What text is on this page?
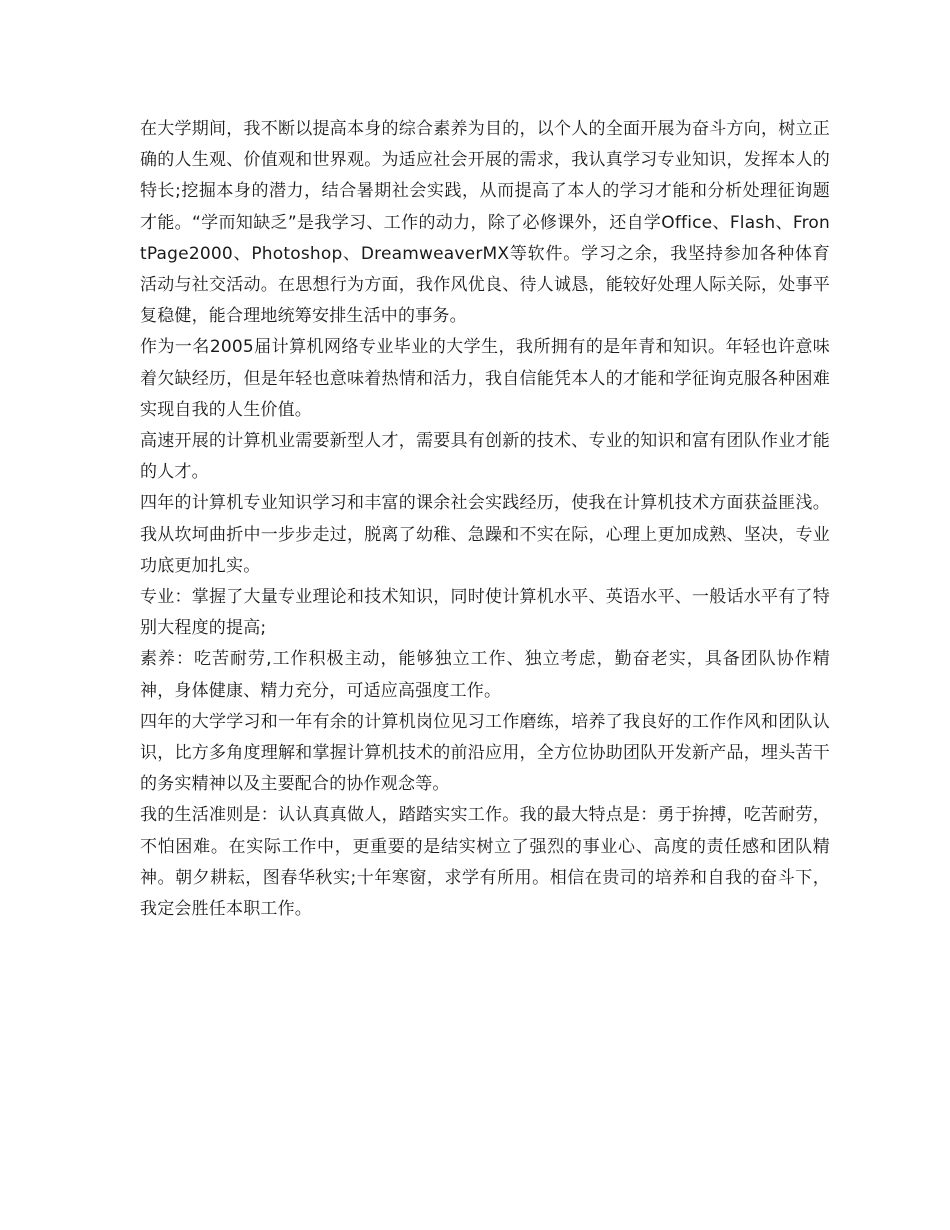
在大学期间，我不断以提高本身的综合素养为目的，以个人的全面开展为奋斗方向，树立正确的人生观、价值观和世界观。为适应社会开展的需求，我认真学习专业知识，发挥本人的特长;挖掘本身的潜力，结合暑期社会实践，从而提高了本人的学习才能和分析处理征询题才能。“学而知缺乏”是我学习、工作的动力，除了必修课外，还自学Office、Flash、FrontPage2000、Photoshop、DreamweaverMX等软件。学习之余，我坚持参加各种体育活动与社交活动。在思想行为方面，我作风优良、待人诚恳，能较好处理人际关际，处事平复稳健，能合理地统筹安排生活中的事务。

作为一名2005届计算机网络专业毕业的大学生，我所拥有的是年青和知识。年轻也许意味着欠缺经历，但是年轻也意味着热情和活力，我自信能凭本人的才能和学征询克服各种困难实现自我的人生价值。

高速开展的计算机业需要新型人才，需要具有创新的技术、专业的知识和富有团队作业才能的人才。

四年的计算机专业知识学习和丰富的课余社会实践经历，使我在计算机技术方面获益匪浅。我从坎坷曲折中一步步走过，脱离了幼稚、急躁和不实在际，心理上更加成熟、坚决，专业功底更加扎实。

专业：掌握了大量专业理论和技术知识，同时使计算机水平、英语水平、一般话水平有了特别大程度的提高;

素养：吃苦耐劳,工作积极主动，能够独立工作、独立考虑，勤奋老实，具备团队协作精神，身体健康、精力充分，可适应高强度工作。

四年的大学学习和一年有余的计算机岗位见习工作磨练，培养了我良好的工作作风和团队认识，比方多角度理解和掌握计算机技术的前沿应用，全方位协助团队开发新产品，埋头苦干的务实精神以及主要配合的协作观念等。

我的生活准则是：认认真真做人，踏踏实实工作。我的最大特点是：勇于拚搏，吃苦耐劳，不怕困难。在实际工作中，更重要的是结实树立了强烈的事业心、高度的责任感和团队精神。朝夕耕耘，图春华秋实;十年寒窗，求学有所用。相信在贵司的培养和自我的奋斗下，我定会胜任本职工作。
